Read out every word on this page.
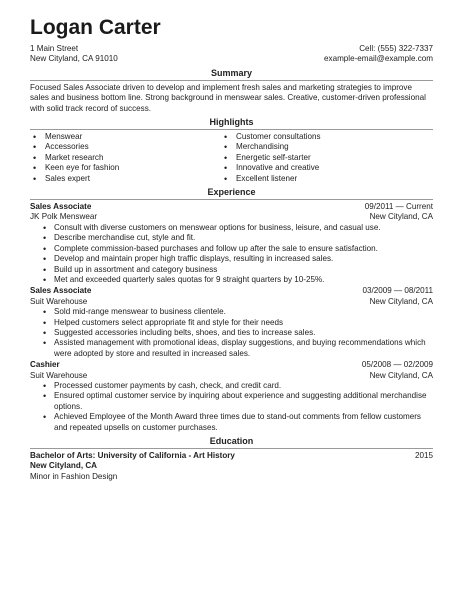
Logan Carter
1 Main Street	Cell: (555) 322-7337
New Cityland, CA 91010	example-email@example.com
Summary

Focused Sales Associate driven to develop and implement fresh sales and marketing strategies to improve sales and business bottom line. Strong background in menswear sales. Creative, customer-driven professional with solid track record of success.

Highlights
• Menswear
• Accessories
• Market research
• Keen eye for fashion
• Sales expert
• Customer consultations
• Merchandising
• Energetic self-starter
• Innovative and creative
• Excellent listener
Experience
Sales Associate	09/2011 — Current
JK Polk Menswear	New Cityland, CA
• Consult with diverse customers on menswear options for business, leisure, and casual use.
• Describe merchandise cut, style and fit.
• Complete commission-based purchases and follow up after the sale to ensure satisfaction.
• Develop and maintain proper high traffic displays, resulting in increased sales.
• Build up in assortment and category business
• Met and exceeded quarterly sales quotas for 9 straight quarters by 10-25%.
Sales Associate	03/2009 — 08/2011
Suit Warehouse	New Cityland, CA
• Sold mid-range menswear to business clientele.
• Helped customers select appropriate fit and style for their needs
• Suggested accessories including belts, shoes, and ties to increase sales.
• Assisted management with promotional ideas, display suggestions, and buying recommendations which were adopted by store and resulted in increased sales.
Cashier	05/2008 — 02/2009
Suit Warehouse	New Cityland, CA
• Processed customer payments by cash, check, and credit card.
• Ensured optimal customer service by inquiring about experience and suggesting additional merchandise options.
• Achieved Employee of the Month Award three times due to stand-out comments from fellow customers and repeated upsells on customer purchases.
Education
Bachelor of Arts: University of California - Art History	2015
New Cityland, CA
Minor in Fashion Design
